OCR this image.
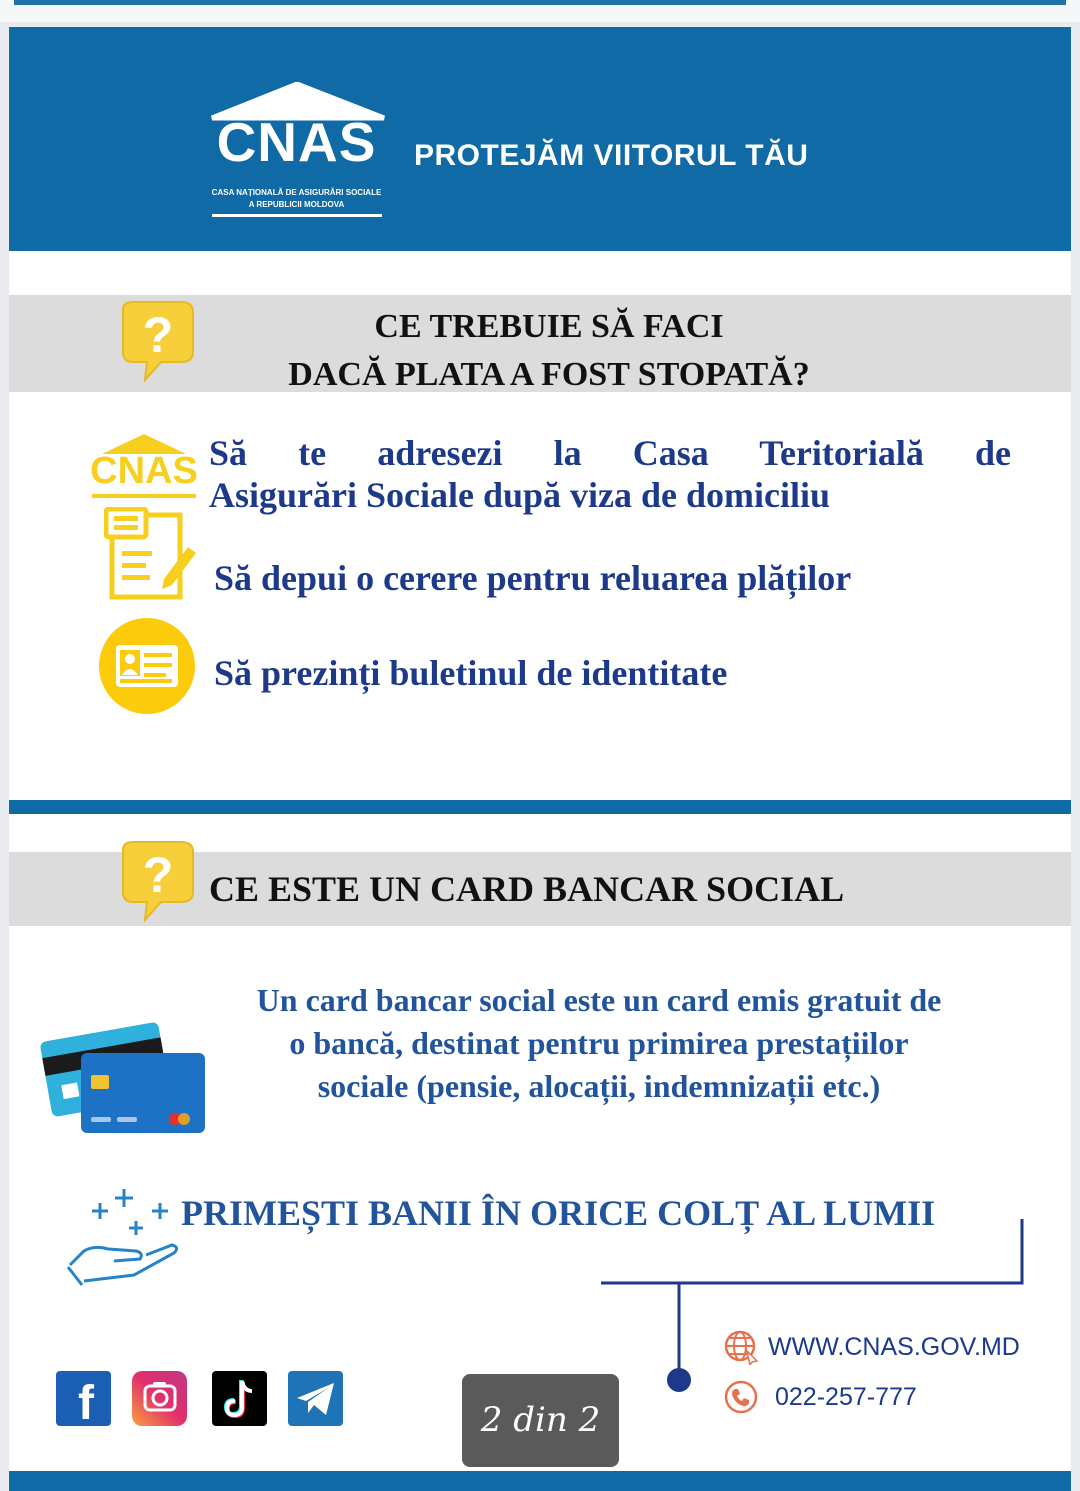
CNAS
CASA NAȚIONALĂ DE ASIGURĂRI SOCIALE
A REPUBLICII MOLDOVA
PROTEJĂM VIITORUL TĂU
?	CE TREBUIE SĂ FACI
DACĂ PLATA A FOST STOPATĂ?
CNAS Să te adresezi la Casa Teritorială de
Asigurări Sociale după viza de domiciliu
Să depui o cerere pentru reluarea plăților
Să prezinți buletinul de identitate
? CE ESTE UN CARD BANCAR SOCIAL
Un card bancar social este un card emis gratuit de
o bancă, destinat pentru primirea prestațiilor
sociale (pensie, alocații, indemnizații etc.)
PRIMEȘTI BANII ÎN ORICE COLȚ AL LUMII
WWW.CNAS.GOV.MD
022-257-777
f	2 din 2
